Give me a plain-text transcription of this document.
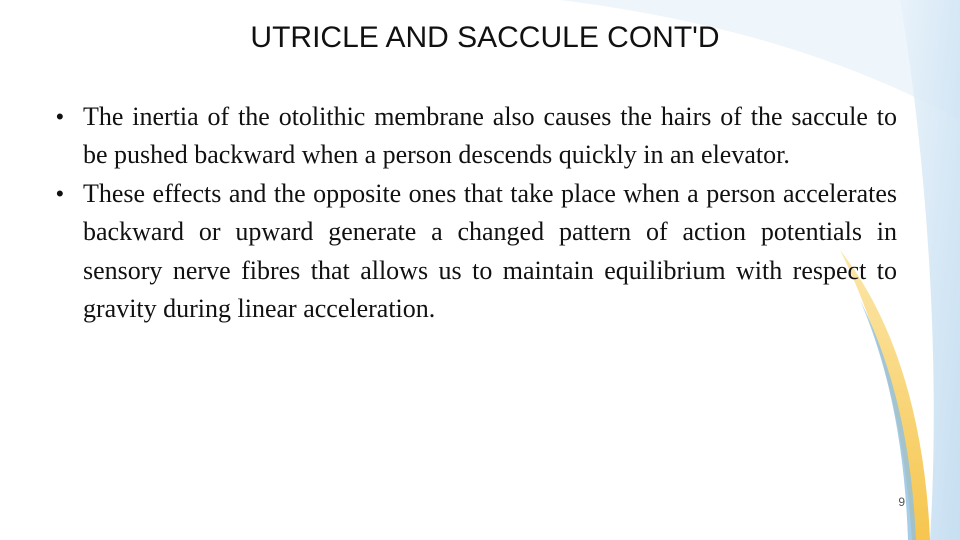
UTRICLE AND SACCULE CONT'D
• The inertia of the otolithic membrane also causes the hairs of the saccule to be pushed backward when a person descends quickly in an elevator.
• These effects and the opposite ones that take place when a person accelerates backward or upward generate a changed pattern of action potentials in sensory nerve fibres that allows us to maintain equilibrium with respect to gravity during linear acceleration.
9
